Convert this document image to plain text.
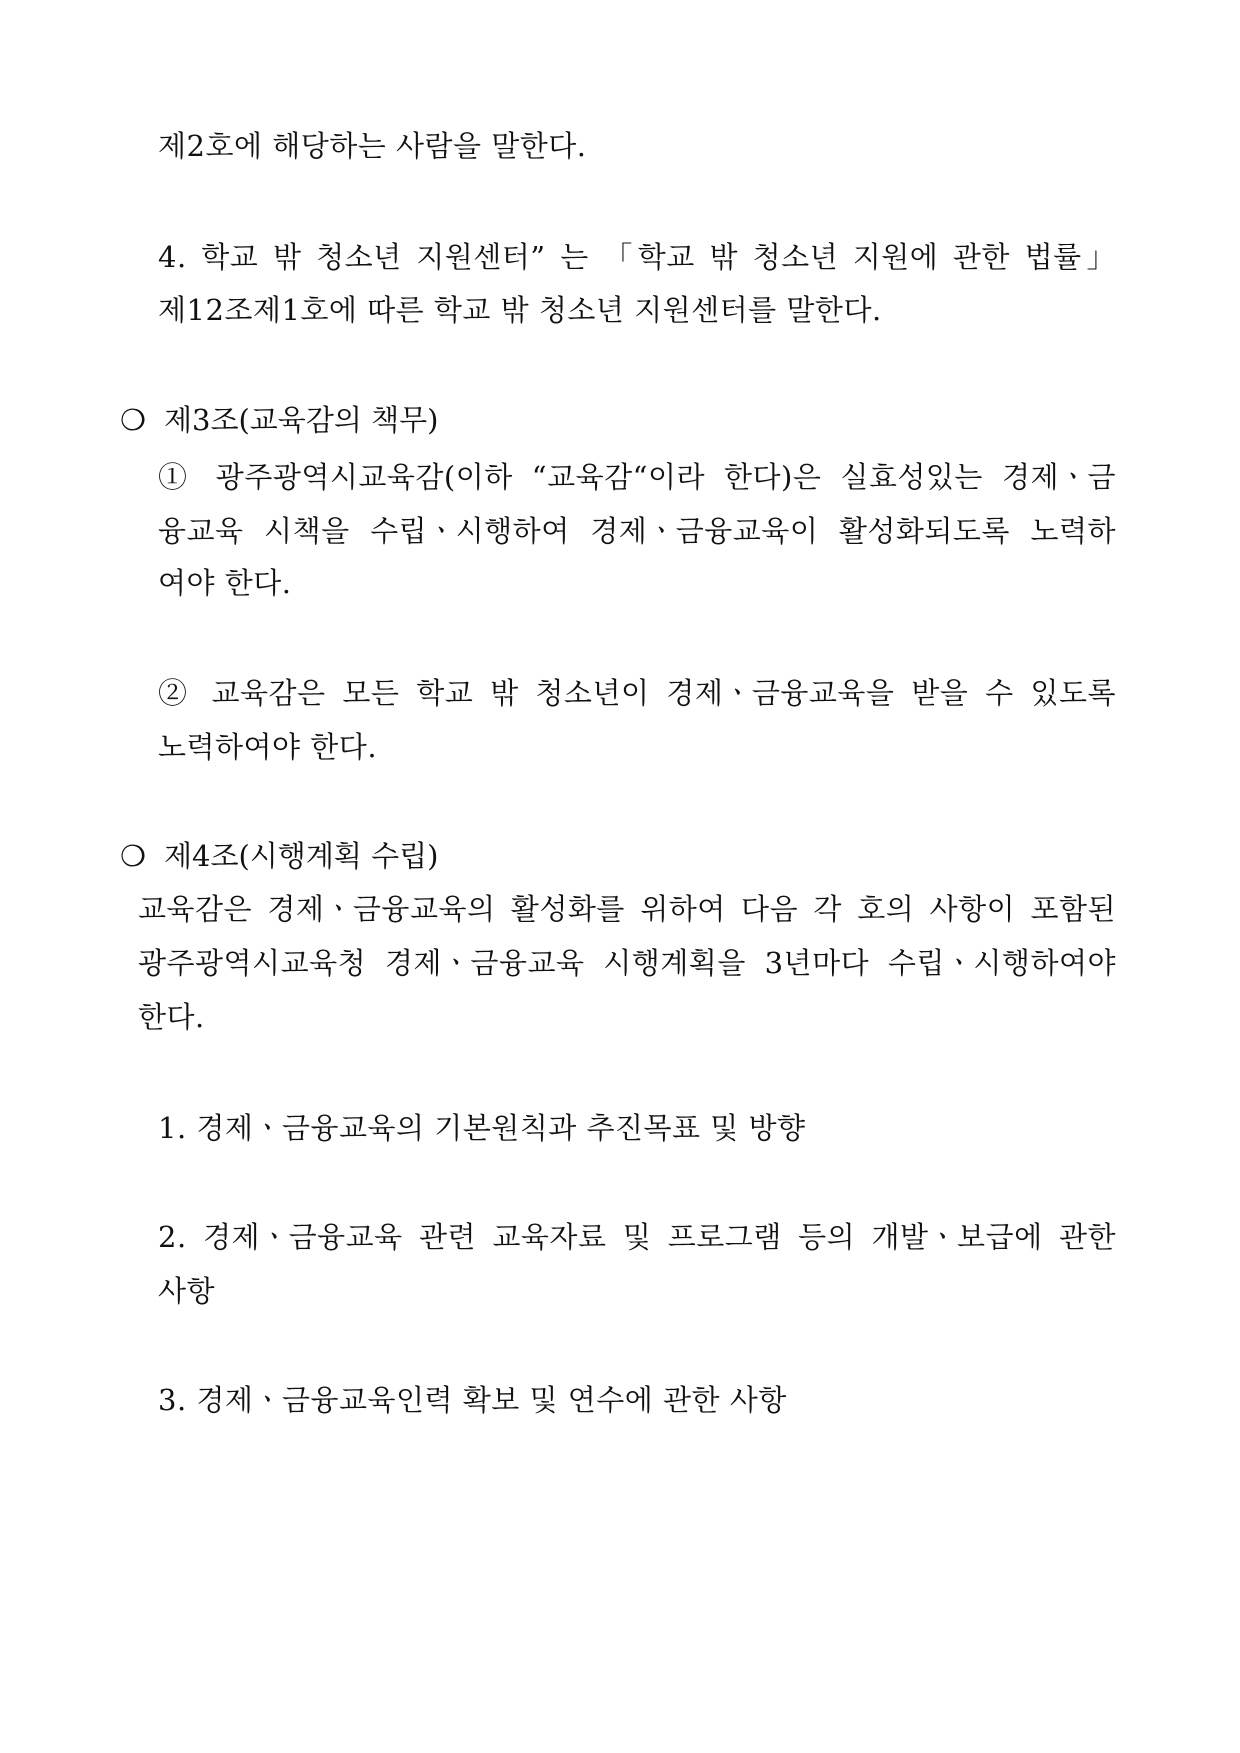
제2호에 해당하는 사람을 말한다.
4. 학교 밖 청소년 지원센터” 는 「학교 밖 청소년 지원에 관한 법률」
제12조제1호에 따른 학교 밖 청소년 지원센터를 말한다.
❍ 제3조(교육감의 책무)
① 광주광역시교육감(이하 “교육감“이라 한다)은 실효성있는 경제ㆍ금
융교육 시책을 수립ㆍ시행하여 경제ㆍ금융교육이 활성화되도록 노력하
여야 한다.
② 교육감은 모든 학교 밖 청소년이 경제ㆍ금융교육을 받을 수 있도록
노력하여야 한다.
❍ 제4조(시행계획 수립)
교육감은 경제ㆍ금융교육의 활성화를 위하여 다음 각 호의 사항이 포함된
광주광역시교육청 경제ㆍ금융교육 시행계획을 3년마다 수립ㆍ시행하여야
한다.
1. 경제ㆍ금융교육의 기본원칙과 추진목표 및 방향
2. 경제ㆍ금융교육 관련 교육자료 및 프로그램 등의 개발ㆍ보급에 관한
사항
3. 경제ㆍ금융교육인력 확보 및 연수에 관한 사항
